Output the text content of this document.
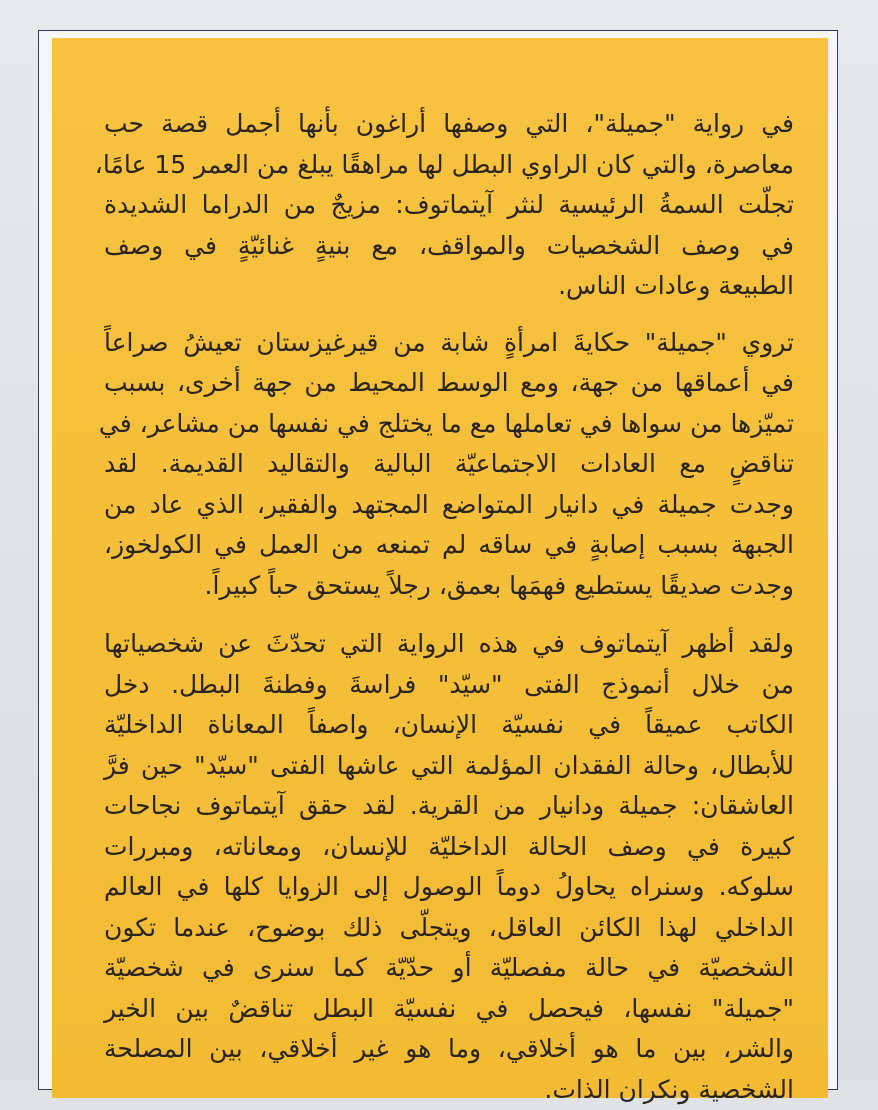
في رواية "جميلة"، التي وصفها أراغون بأنها أجمل قصة حب
معاصرة، والتي كان الراوي البطل لها مراهقًا يبلغ من العمر 15 عامًا،
تجلّت السمةُ الرئيسية لنثر آيتماتوف: مزيجٌ من الدراما الشديدة
في وصف الشخصيات والمواقف، مع بنيةٍ غنائيّةٍ في وصف
الطبيعة وعادات الناس.

تروي "جميلة" حكايةَ امرأةٍ شابة من قيرغيزستان تعيشُ صراعاً
في أعماقها من جهة، ومع الوسط المحيط من جهة أخرى، بسبب
تميّزها من سواها في تعاملها مع ما يختلج في نفسها من مشاعر، في
تناقضٍ مع العادات الاجتماعيّة البالية والتقاليد القديمة. لقد
وجدت جميلة في دانيار المتواضع المجتهد والفقير، الذي عاد من
الجبهة بسبب إصابةٍ في ساقه لم تمنعه من العمل في الكولخوز،
وجدت صديقًا يستطيع فهمَها بعمق، رجلاً يستحق حباً كبيراً.

ولقد أظهر آيتماتوف في هذه الرواية التي تحدّثَ عن شخصياتها
من خلال أنموذج الفتى "سيّد" فراسةَ وفطنةَ البطل. دخل
الكاتب عميقاً في نفسيّة الإنسان، واصفاً المعاناة الداخليّة
للأبطال، وحالة الفقدان المؤلمة التي عاشها الفتى "سيّد" حين فرَّ
العاشقان: جميلة ودانيار من القرية. لقد حقق آيتماتوف نجاحات
كبيرة في وصف الحالة الداخليّة للإنسان، ومعاناته، ومبررات
سلوكه. وسنراه يحاولُ دوماً الوصول إلى الزوايا كلها في العالم
الداخلي لهذا الكائن العاقل، ويتجلّى ذلك بوضوح، عندما تكون
الشخصيّة في حالة مفصليّة أو حدّيّة كما سنرى في شخصيّة
"جميلة" نفسها، فيحصل في نفسيّة البطل تناقضٌ بين الخير
والشر، بين ما هو أخلاقي، وما هو غير أخلاقي، بين المصلحة
الشخصية ونكران الذات.
